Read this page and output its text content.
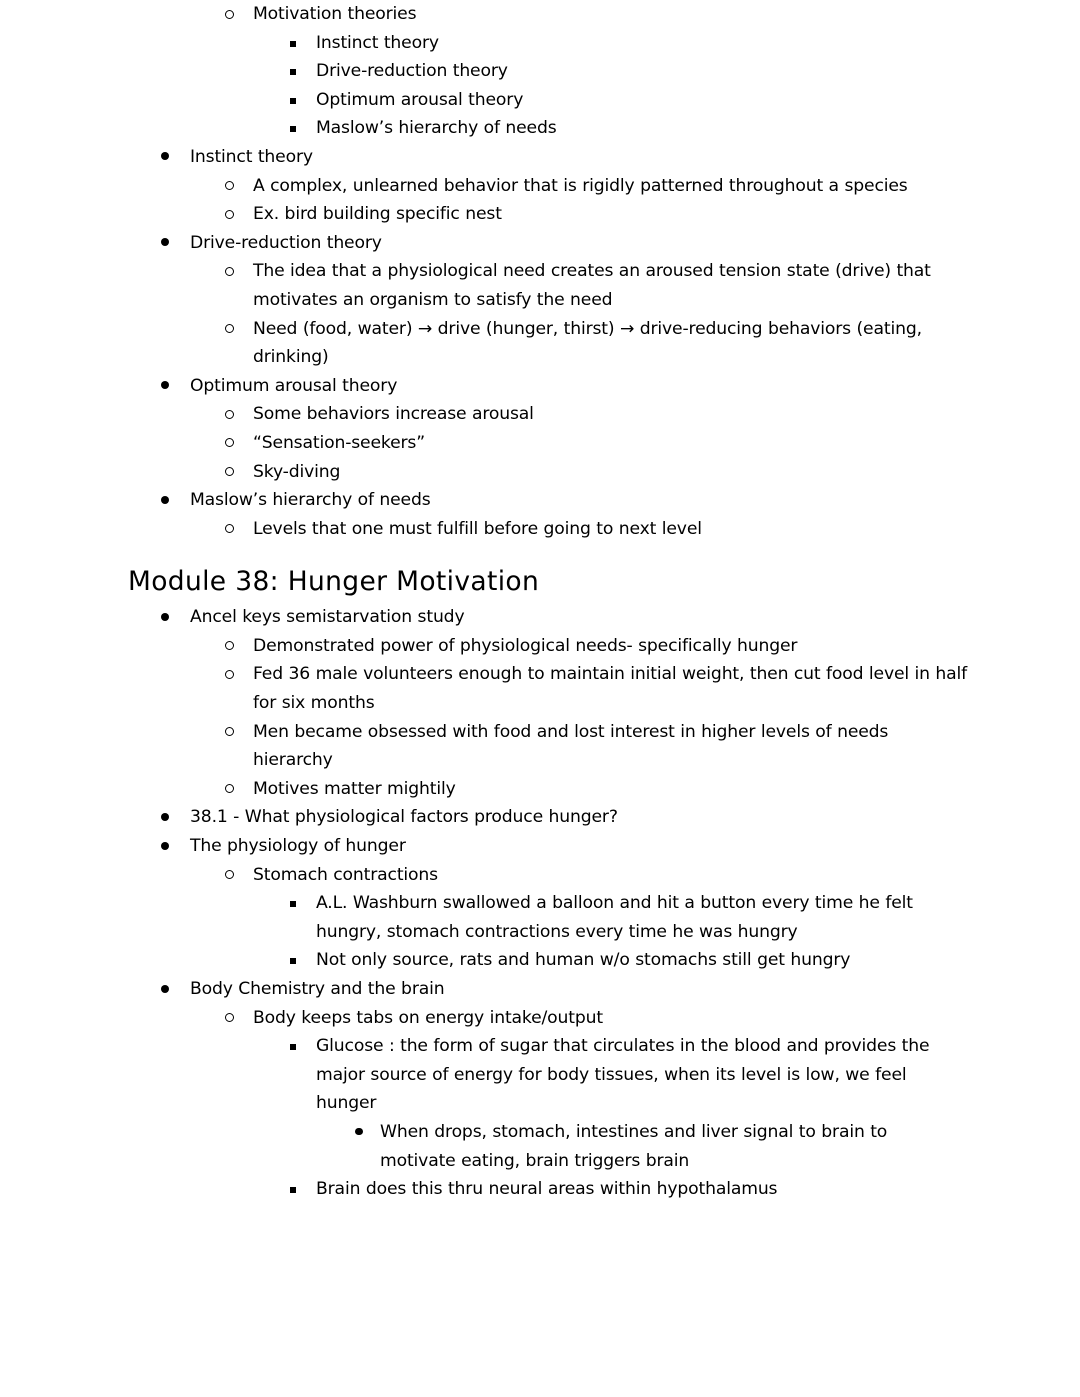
Motivation theories
Instinct theory
Drive-reduction theory
Optimum arousal theory
Maslow’s hierarchy of needs
Instinct theory
A complex, unlearned behavior that is rigidly patterned throughout a species
Ex. bird building specific nest
Drive-reduction theory
The idea that a physiological need creates an aroused tension state (drive) that motivates an organism to satisfy the need
Need (food, water) → drive (hunger, thirst) → drive-reducing behaviors (eating, drinking)
Optimum arousal theory
Some behaviors increase arousal
“Sensation-seekers”
Sky-diving
Maslow’s hierarchy of needs
Levels that one must fulfill before going to next level
Module 38: Hunger Motivation
Ancel keys semistarvation study
Demonstrated power of physiological needs- specifically hunger
Fed 36 male volunteers enough to maintain initial weight, then cut food level in half for six months
Men became obsessed with food and lost interest in higher levels of needs hierarchy
Motives matter mightily
38.1 - What physiological factors produce hunger?
The physiology of hunger
Stomach contractions
A.L. Washburn swallowed a balloon and hit a button every time he felt hungry, stomach contractions every time he was hungry
Not only source, rats and human w/o stomachs still get hungry
Body Chemistry and the brain
Body keeps tabs on energy intake/output
Glucose : the form of sugar that circulates in the blood and provides the major source of energy for body tissues, when its level is low, we feel hunger
When drops, stomach, intestines and liver signal to brain to motivate eating, brain triggers brain
Brain does this thru neural areas within hypothalamus
